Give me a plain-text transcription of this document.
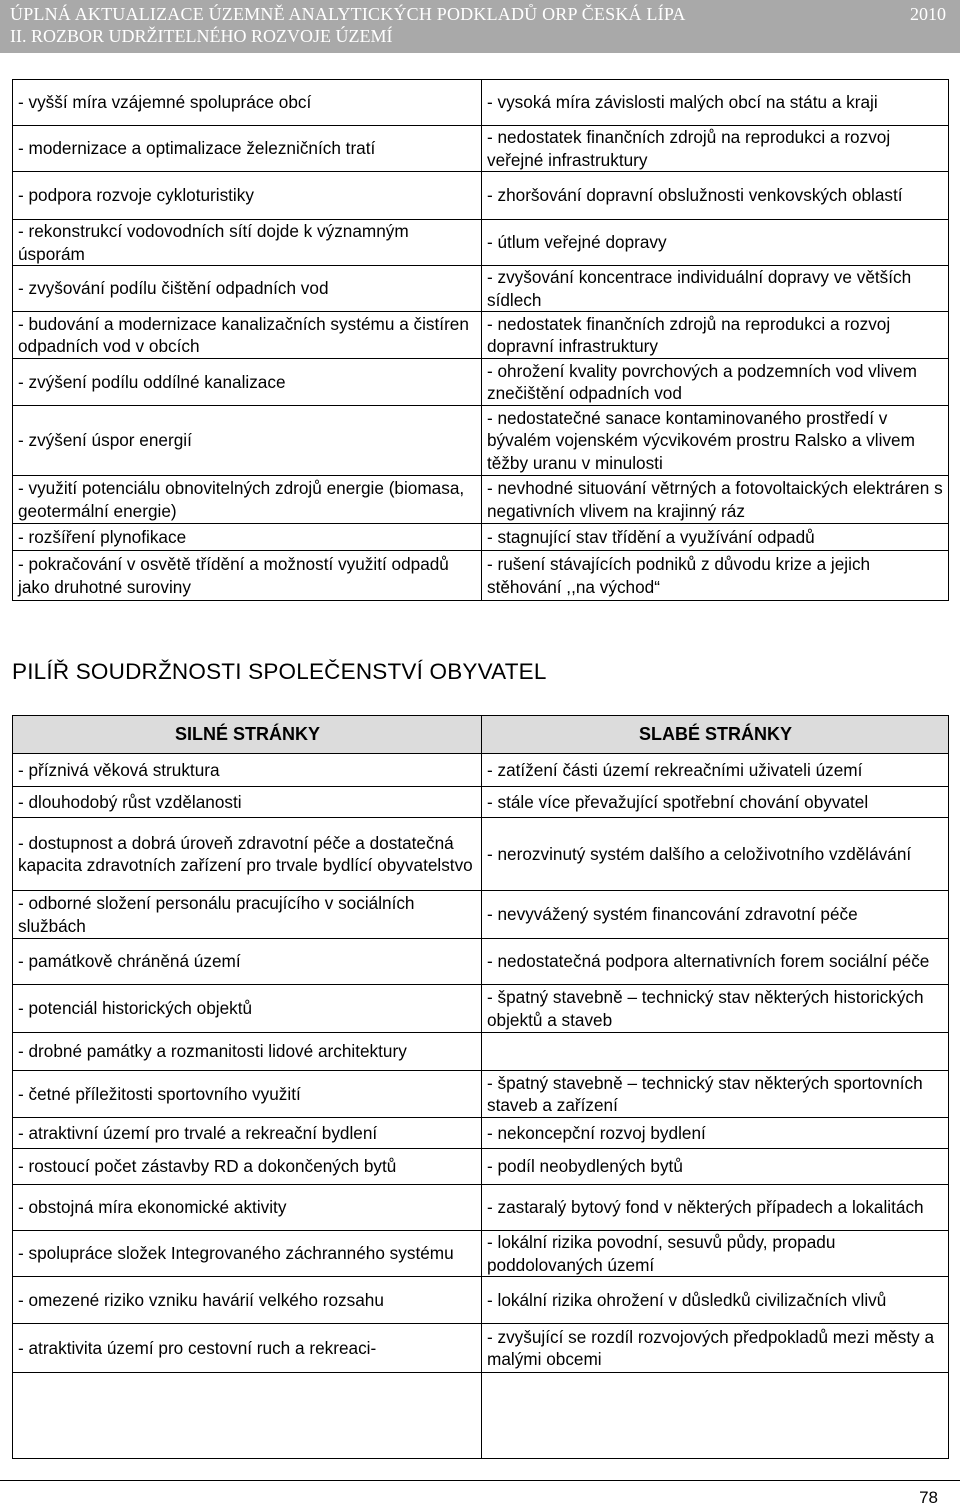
ÚPLNÁ AKTUALIZACE ÚZEMNĚ ANALYTICKÝCH PODKLADŮ ORP ČESKÁ LÍPA
II. ROZBOR UDRŽITELNÉHO ROZVOJE ÚZEMÍ
2010
- vyšší míra vzájemné spolupráce obcí	- vysoká míra závislosti malých obcí na státu a kraji
- modernizace a optimalizace železničních tratí	- nedostatek finančních zdrojů na reprodukci a rozvoj veřejné infrastruktury
- podpora rozvoje cykloturistiky	- zhoršování dopravní obslužnosti venkovských oblastí
- rekonstrukcí vodovodních sítí dojde k významným úsporám	- útlum veřejné dopravy
- zvyšování podílu čištění odpadních vod	- zvyšování koncentrace individuální dopravy ve větších sídlech
- budování a modernizace kanalizačních systému a čistíren odpadních vod v obcích	- nedostatek finančních zdrojů na reprodukci a rozvoj dopravní infrastruktury
- zvýšení podílu oddílné kanalizace	- ohrožení kvality povrchových a podzemních vod vlivem znečištění odpadních vod
- zvýšení úspor energií	- nedostatečné sanace kontaminovaného prostředí v bývalém vojenském výcvikovém prostru Ralsko a vlivem těžby uranu v minulosti
- využití potenciálu obnovitelných zdrojů energie (biomasa, geotermální energie)	- nevhodné situování větrných a fotovoltaických elektráren s negativních vlivem na krajinný ráz
- rozšíření plynofikace	- stagnující stav třídění a využívání odpadů
- pokračování v osvětě třídění a možností využití odpadů jako druhotné suroviny	- rušení stávajících podniků z důvodu krize a jejich stěhování ,,na východ“
PILÍŘ SOUDRŽNOSTI SPOLEČENSTVÍ OBYVATEL
SILNÉ STRÁNKY	SLABÉ STRÁNKY
- příznivá věková struktura	- zatížení části území rekreačními uživateli území
- dlouhodobý růst vzdělanosti	- stále více převažující spotřební chování obyvatel
- dostupnost a dobrá úroveň zdravotní péče a dostatečná kapacita zdravotních zařízení pro trvale bydlící obyvatelstvo	- nerozvinutý systém dalšího a celoživotního vzdělávání
- odborné složení personálu pracujícího v sociálních službách	- nevyvážený systém financování zdravotní péče
- památkově chráněná území	- nedostatečná podpora alternativních forem sociální péče
- potenciál historických objektů	- špatný stavebně – technický stav některých historických objektů a staveb
- drobné památky a rozmanitosti lidové architektury	
- četné příležitosti sportovního využití	- špatný stavebně – technický stav některých sportovních staveb a zařízení
- atraktivní území pro trvalé a rekreační bydlení	- nekoncepční rozvoj bydlení
- rostoucí počet zástavby RD a dokončených bytů	- podíl neobydlených bytů
- obstojná míra ekonomické aktivity	- zastaralý bytový fond v některých případech a lokalitách
- spolupráce složek Integrovaného záchranného systému	- lokální rizika povodní, sesuvů půdy, propadu poddolovaných území
- omezené riziko vzniku havárií velkého rozsahu	- lokální rizika ohrožení v důsledků civilizačních vlivů
- atraktivita území pro cestovní ruch a rekreaci-	- zvyšující se rozdíl rozvojových předpokladů mezi městy a malými obcemi

78
